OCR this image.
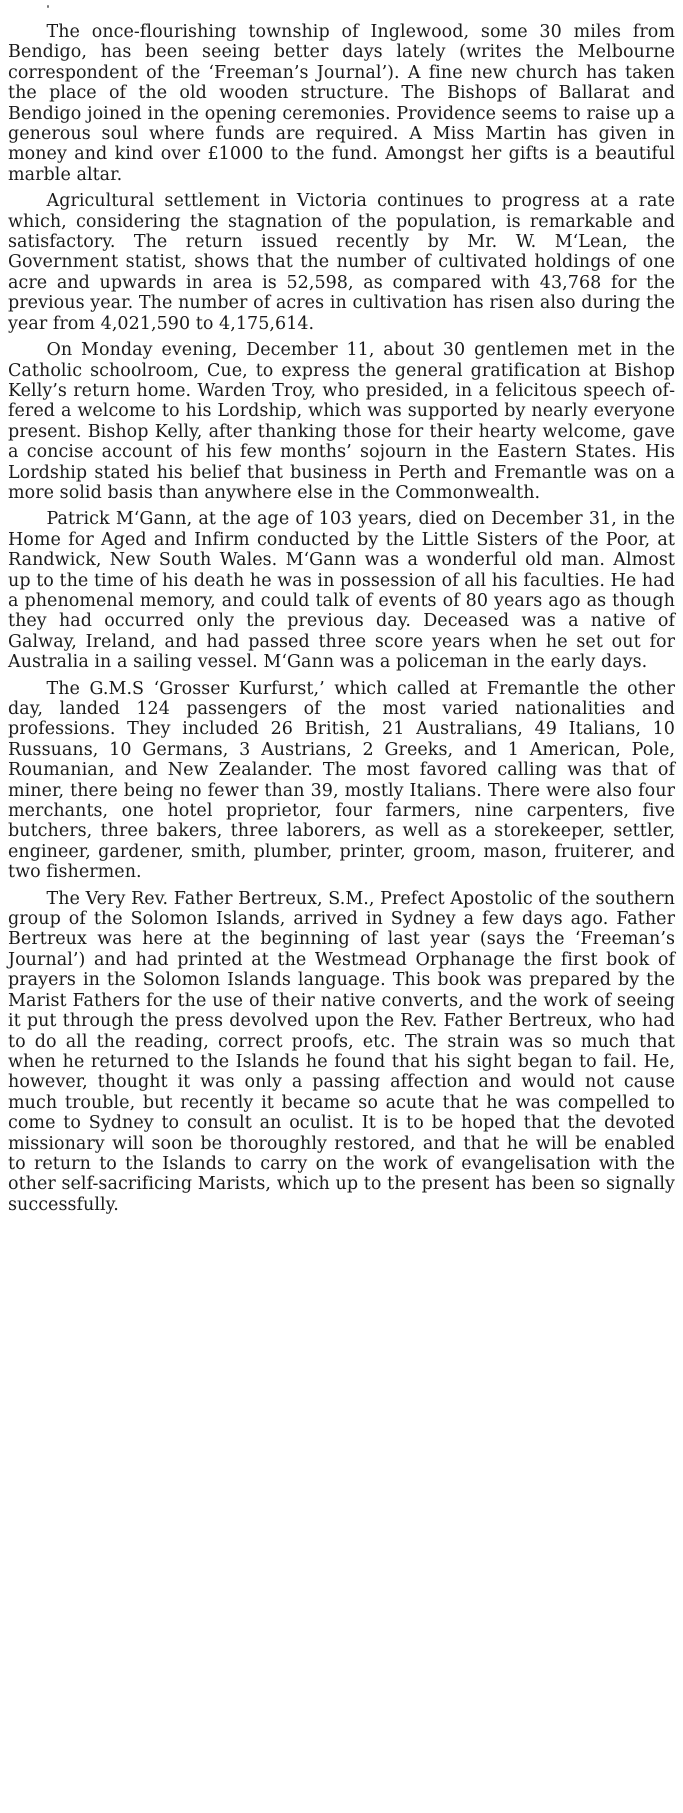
The once-flourishing township of Inglewood, some 30 miles from Bendigo, has been seeing better days lately (writes the Melbourne correspondent of the ‘Freeman’s Journal’). A fine new church has taken the place of the old wooden structure. The Bishops of Ballarat and Bendigo joined in the opening ceremonies. Providence seems to raise up a generous soul where funds are required. A Miss Martin has given in money and kind over £1000 to the fund. Amongst her gifts is a beautiful marble altar.

Agricultural settlement in Victoria continues to progress at a rate which, considering the stagnation of the population, is remarkable and satisfactory. The return issued recently by Mr. W. M‘Lean, the Government statist, shows that the number of cultivated holdings of one acre and upwards in area is 52,598, as compared with 43,768 for the previous year. The number of acres in cultivation has risen also during the year from 4,021,590 to 4,175,614.

On Monday evening, December 11, about 30 gentlemen met in the Catholic schoolroom, Cue, to express the general gratification at Bishop Kelly’s return home. Warden Troy, who presided, in a felicitous speech offered a welcome to his Lordship, which was supported by nearly everyone present. Bishop Kelly, after thanking those for their hearty welcome, gave a concise account of his few months’ sojourn in the Eastern States. His Lordship stated his belief that business in Perth and Fremantle was on a more solid basis than anywhere else in the Commonwealth.

Patrick M‘Gann, at the age of 103 years, died on December 31, in the Home for Aged and Infirm conducted by the Little Sisters of the Poor, at Randwick, New South Wales. M‘Gann was a wonderful old man. Almost up to the time of his death he was in possession of all his faculties. He had a phenomenal memory, and could talk of events of 80 years ago as though they had occurred only the previous day. Deceased was a native of Galway, Ireland, and had passed three score years when he set out for Australia in a sailing vessel. M‘Gann was a policeman in the early days.

The G.M.S ‘Grosser Kurfurst,’ which called at Fremantle the other day, landed 124 passengers of the most varied nationalities and professions. They included 26 British, 21 Australians, 49 Italians, 10 Russuans, 10 Germans, 3 Austrians, 2 Greeks, and 1 American, Pole, Roumanian, and New Zealander. The most favored calling was that of miner, there being no fewer than 39, mostly Italians. There were also four merchants, one hotel proprietor, four farmers, nine carpenters, five butchers, three bakers, three laborers, as well as a storekeeper, settler, engineer, gardener, smith, plumber, printer, groom, mason, fruiterer, and two fishermen.

The Very Rev. Father Bertreux, S.M., Prefect Apostolic of the southern group of the Solomon Islands, arrived in Sydney a few days ago. Father Bertreux was here at the beginning of last year (says the ‘Freeman’s Journal’) and had printed at the Westmead Orphanage the first book of prayers in the Solomon Islands language. This book was prepared by the Marist Fathers for the use of their native converts, and the work of seeing it put through the press devolved upon the Rev. Father Bertreux, who had to do all the reading, correct proofs, etc. The strain was so much that when he returned to the Islands he found that his sight began to fail. He, however, thought it was only a passing affection and would not cause much trouble, but recently it became so acute that he was compelled to come to Sydney to consult an oculist. It is to be hoped that the devoted missionary will soon be thoroughly restored, and that he will be enabled to return to the Islands to carry on the work of evangelisation with the other self-sacrificing Marists, which up to the present has been so signally successfully.
